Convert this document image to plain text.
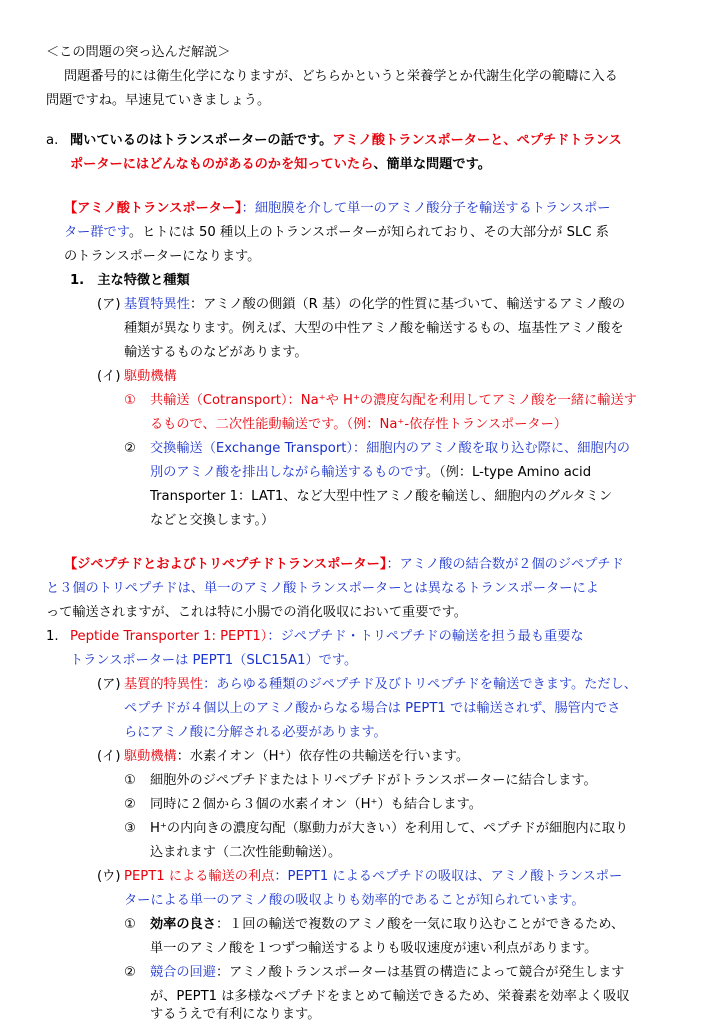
＜この問題の突っ込んだ解説＞
問題番号的には衛生化学になりますが、どちらかというと栄養学とか代謝生化学の範疇に入る
問題ですね。早速見ていきましょう。
a. 聞いているのはトランスポーターの話です。アミノ酸トランスポーターと、ペプチドトランス
ポーターにはどんなものがあるのかを知っていたら、簡単な問題です。
【アミノ酸トランスポーター】：細胞膜を介して単一のアミノ酸分子を輸送するトランスポー
ター群です。ヒトには 50 種以上のトランスポーターが知られており、その大部分が SLC 系
のトランスポーターになります。
1.　主な特徴と種類
(ア) 基質特異性：アミノ酸の側鎖（R 基）の化学的性質に基づいて、輸送するアミノ酸の
種類が異なります。例えば、大型の中性アミノ酸を輸送するもの、塩基性アミノ酸を
輸送するものなどがあります。
(イ) 駆動機構
① 共輸送（Cotransport）：Na⁺や H⁺の濃度勾配を利用してアミノ酸を一緒に輸送す
るもので、二次性能動輸送です。（例：Na⁺-依存性トランスポーター）
② 交換輸送（Exchange Transport）：細胞内のアミノ酸を取り込む際に、細胞内の
別のアミノ酸を排出しながら輸送するものです。（例：L-type Amino acid
Transporter 1：LAT1、など大型中性アミノ酸を輸送し、細胞内のグルタミン
などと交換します。）
【ジペプチドとおよびトリペプチドトランスポーター】：アミノ酸の結合数が２個のジペプチド
と３個のトリペプチドは、単一のアミノ酸トランスポーターとは異なるトランスポーターによ
って輸送されますが、これは特に小腸での消化吸収において重要です。
1. Peptide Transporter 1: PEPT1）：ジペプチド・トリペプチドの輸送を担う最も重要な
トランスポーターは PEPT1（SLC15A1）です。
(ア) 基質的特異性：あらゆる種類のジペプチド及びトリペプチドを輸送できます。ただし、
ペプチドが４個以上のアミノ酸からなる場合は PEPT1 では輸送されず、腸管内でさ
らにアミノ酸に分解される必要があります。
(イ) 駆動機構：水素イオン（H⁺）依存性の共輸送を行います。
① 細胞外のジペプチドまたはトリペプチドがトランスポーターに結合します。
② 同時に２個から３個の水素イオン（H⁺）も結合します。
③ H⁺の内向きの濃度勾配（駆動力が大きい）を利用して、ペプチドが細胞内に取り
込まれます（二次性能動輸送）。
(ウ) PEPT1 による輸送の利点：PEPT1 によるペプチドの吸収は、アミノ酸トランスポー
ターによる単一のアミノ酸の吸収よりも効率的であることが知られています。
① 効率の良さ：１回の輸送で複数のアミノ酸を一気に取り込むことができるため、
単一のアミノ酸を１つずつ輸送するよりも吸収速度が速い利点があります。
② 競合の回避：アミノ酸トランスポーターは基質の構造によって競合が発生します
が、PEPT1 は多様なペプチドをまとめて輸送できるため、栄養素を効率よく吸収
するうえで有利になります。
